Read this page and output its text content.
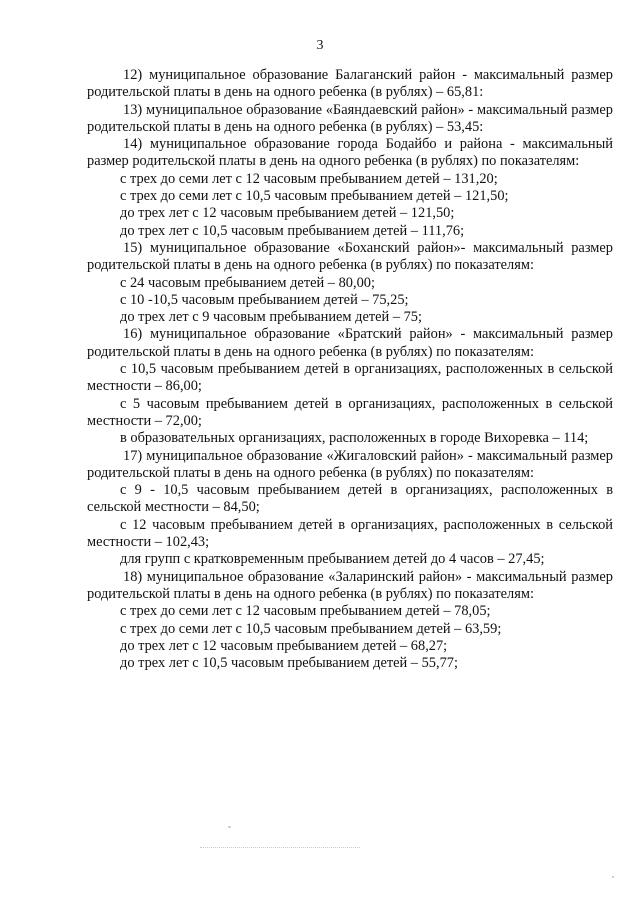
3

12) муниципальное образование Балаганский район - максимальный размер родительской платы в день на одного ребенка (в рублях) – 65,81:

13) муниципальное образование «Баяндаевский район» - максимальный размер родительской платы в день на одного ребенка (в рублях) – 53,45:

14) муниципальное образование города Бодайбо и района - максимальный размер родительской платы в день на одного ребенка (в рублях) по показателям:

с трех до семи лет с 12 часовым пребыванием детей – 131,20;

с трех до семи лет с 10,5 часовым пребыванием детей – 121,50;

до трех лет с 12 часовым пребыванием детей – 121,50;

до трех лет с 10,5 часовым пребыванием детей – 111,76;

15) муниципальное образование «Боханский район»- максимальный размер родительской платы в день на одного ребенка (в рублях) по показателям:

с 24 часовым пребыванием детей – 80,00;

с 10 -10,5 часовым пребыванием детей – 75,25;

до трех лет с 9 часовым пребыванием детей – 75;

16) муниципальное образование «Братский район» - максимальный размер родительской платы в день на одного ребенка (в рублях) по показателям:

с 10,5 часовым пребыванием детей в организациях, расположенных в сельской местности – 86,00;

с 5 часовым пребыванием детей в организациях, расположенных в сельской местности – 72,00;

в образовательных организациях, расположенных в городе Вихоревка – 114;

17) муниципальное образование «Жигаловский район» - максимальный размер родительской платы в день на одного ребенка (в рублях) по показателям:

с 9 - 10,5 часовым пребыванием детей в организациях, расположенных в сельской местности – 84,50;

с 12 часовым пребыванием детей в организациях, расположенных в сельской местности – 102,43;

для групп с кратковременным пребыванием детей до 4 часов – 27,45;

18) муниципальное образование «Заларинский район» - максимальный размер родительской платы в день на одного ребенка (в рублях) по показателям:

с трех до семи лет с 12 часовым пребыванием детей – 78,05;

с трех до семи лет с 10,5 часовым пребыванием детей – 63,59;

до трех лет с 12 часовым пребыванием детей – 68,27;

до трех лет с 10,5 часовым пребыванием детей – 55,77;
